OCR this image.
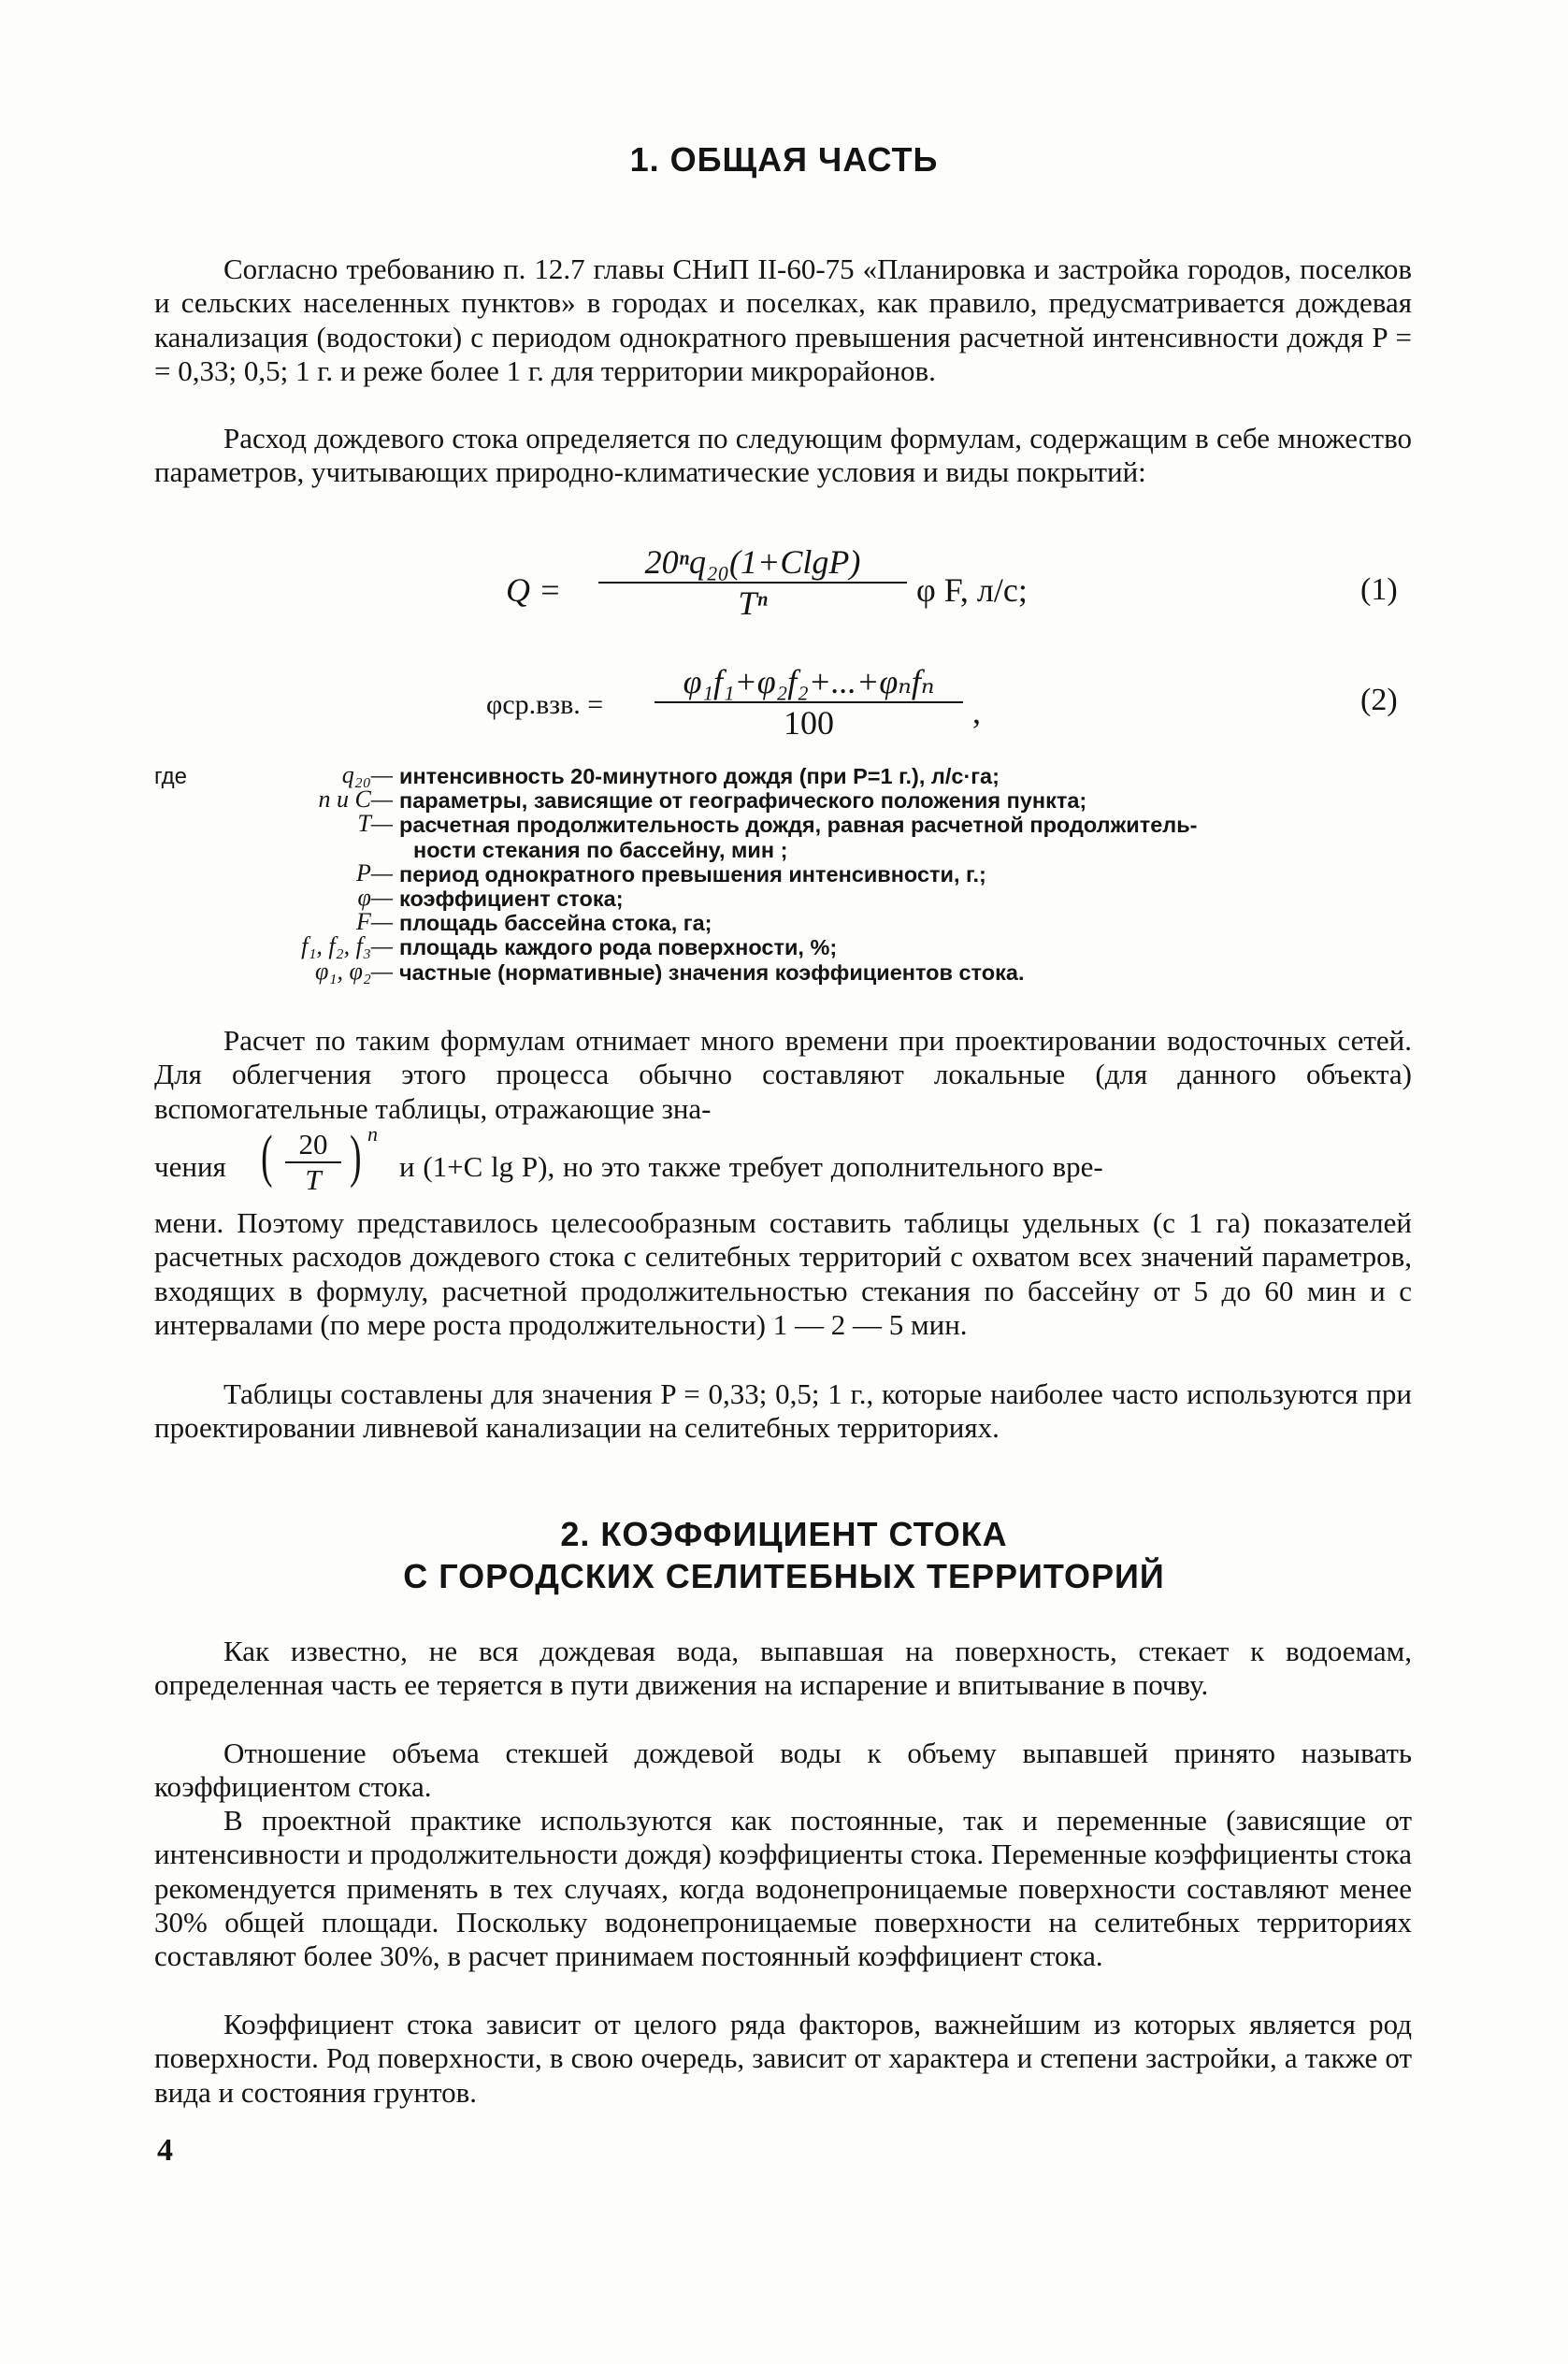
1. ОБЩАЯ ЧАСТЬ

Согласно требованию п. 12.7 главы СНиП II-60-75 «Планировка и застройка городов, поселков и сельских населенных пунктов» в городах и поселках, как правило, предусматривается дождевая канализация (водостоки) с периодом однократного превышения расчетной интенсивности дождя P = = 0,33; 0,5; 1 г. и реже более 1 г. для территории микрорайонов.

Расход дождевого стока определяется по следующим формулам, содержащим в себе множество параметров, учитывающих природно-климатические условия и виды покрытий:

Q =
20ⁿq₂₀(1+ClgP)
Tⁿ	φ F, л/с;	(1)
φср.взв. =
φ₁f₁+φ₂f₂+...+φₙfₙ
100	,	(2)
где	q₂₀— интенсивность 20-минутного дождя (при P=1 г.), л/с·га;
n и C— параметры, зависящие от географического положения пункта;
T— расчетная продолжительность дождя, равная расчетной продолжитель-
ности стекания по бассейну, мин ;
P— период однократного превышения интенсивности, г.;
φ— коэффициент стока;
F— площадь бассейна стока, га;
f₁, f₂, f₃— площадь каждого рода поверхности, %;
φ₁, φ₂— частные (нормативные) значения коэффициентов стока.

Расчет по таким формулам отнимает много времени при проектировании водосточных сетей. Для облегчения этого процесса обычно составляют локальные (для данного объекта) вспомогательные таблицы, отражающие зна-

чения ( 20
T ) n
и (1+C lg P), но это также требует дополнительного вре-

мени. Поэтому представилось целесообразным составить таблицы удельных (с 1 га) показателей расчетных расходов дождевого стока с селитебных территорий с охватом всех значений параметров, входящих в формулу, расчетной продолжительностью стекания по бассейну от 5 до 60 мин и с интервалами (по мере роста продолжительности) 1 — 2 — 5 мин.

Таблицы составлены для значения P = 0,33; 0,5; 1 г., которые наиболее часто используются при проектировании ливневой канализации на селитебных территориях.

2. КОЭФФИЦИЕНТ СТОКА
С ГОРОДСКИХ СЕЛИТЕБНЫХ ТЕРРИТОРИЙ

Как известно, не вся дождевая вода, выпавшая на поверхность, стекает к водоемам, определенная часть ее теряется в пути движения на испарение и впитывание в почву.

Отношение объема стекшей дождевой воды к объему выпавшей принято называть коэффициентом стока.

В проектной практике используются как постоянные, так и переменные (зависящие от интенсивности и продолжительности дождя) коэффициенты стока. Переменные коэффициенты стока рекомендуется применять в тех случаях, когда водонепроницаемые поверхности составляют менее 30% общей площади. Поскольку водонепроницаемые поверхности на селитебных территориях составляют более 30%, в расчет принимаем постоянный коэффициент стока.

Коэффициент стока зависит от целого ряда факторов, важнейшим из которых является род поверхности. Род поверхности, в свою очередь, зависит от характера и степени застройки, а также от вида и состояния грунтов.

4
